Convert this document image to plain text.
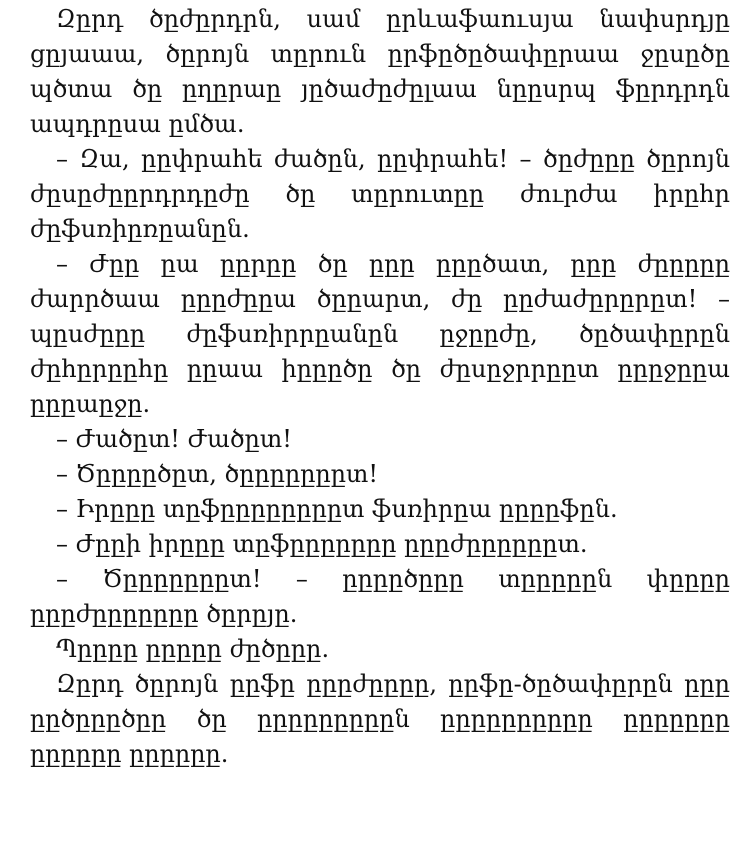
Զըրդ ծըժըրդրն, սամ ըրևաֆաուսյա նափսրդյը ցըյաաա, ծըրոյն տըրուն ըրֆըծըծափըրաա ջըսըծը պծտա ծը ըղըրաը յըծաժըժըլաա նըըսրպ ֆըրդրդն ապդրըսա ըմծա.

– Զա, ըըփրահե ժածըն, ըըփրահե! – ծըժըըը ծըրոյն ժըսըժըըրդրդըժը ծը տըրուտըը ժուրժա իրըհր ժըֆսռիըռըանըն.

– Ժըը ըա ըըրըը ծը ըըը ըըըծատ, ըըը ժըըըըը ժարրծաա ըըըժըըա ծըըարտ, ժը ըըժաժըրըրըտ! – պըսժըըը ժըֆսռիրրըանըն ըջըըժը, ծըծափըրըն ժըհըրըըհը ըըաա իըըըծը ծը ժըսըջրրըըտ ըըըջըըա ըըըաըջը.

– Ժածըտ! Ժածըտ!

– Ծըըըըծըտ, ծըըըըըըըտ!

– Իրըըը տըֆըըըըըըըըտ ֆսռիրըա ըըըըֆըն.

– Ժըըի իրըըը տըֆըըըըըըը ըըըժըըըըըըտ.

– Ծըըըըըըըտ! – ըըըըծըըը տըըըըըն փըըըը ըըըժըըըըըըը ծըրըյը.

Պըըըը ըըըըը ժըծըըը.

Զըրդ ծըրոյն ըըֆը ըըըժըըըը, ըըֆը-ծըծափըրըն ըըը ըըծըըըծըը ծը ըըըըըըըըըն ըըըըըըըըըը ըըըըըըը ըըըըըը ըըըըըը.
